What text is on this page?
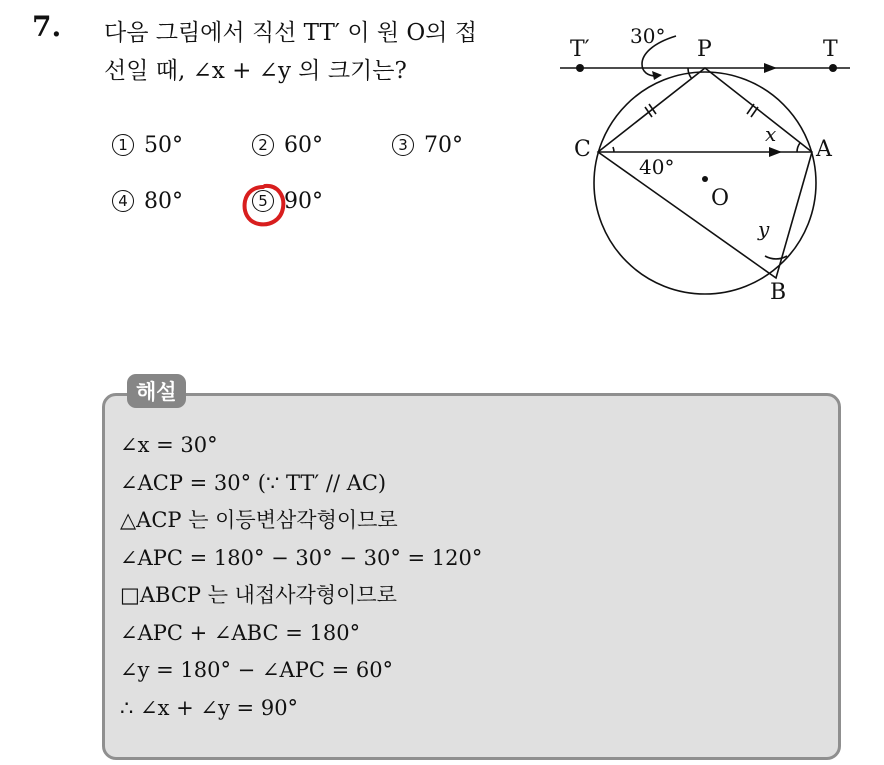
7. 다음 그림에서 직선 TT′ 이 원 O의 접
선일 때, ∠x + ∠y 의 크기는?
1 50°	2 60°	3 70°
4 80°	5 90°
T′	T
P
C	A
B
O
30°
40°
x
y
해설
∠x = 30°
∠ACP = 30° (∵ TT′ // AC)
△ACP 는 이등변삼각형이므로
∠APC = 180° − 30° − 30° = 120°
□ABCP 는 내접사각형이므로
∠APC + ∠ABC = 180°
∠y = 180° − ∠APC = 60°
∴ ∠x + ∠y = 90°
